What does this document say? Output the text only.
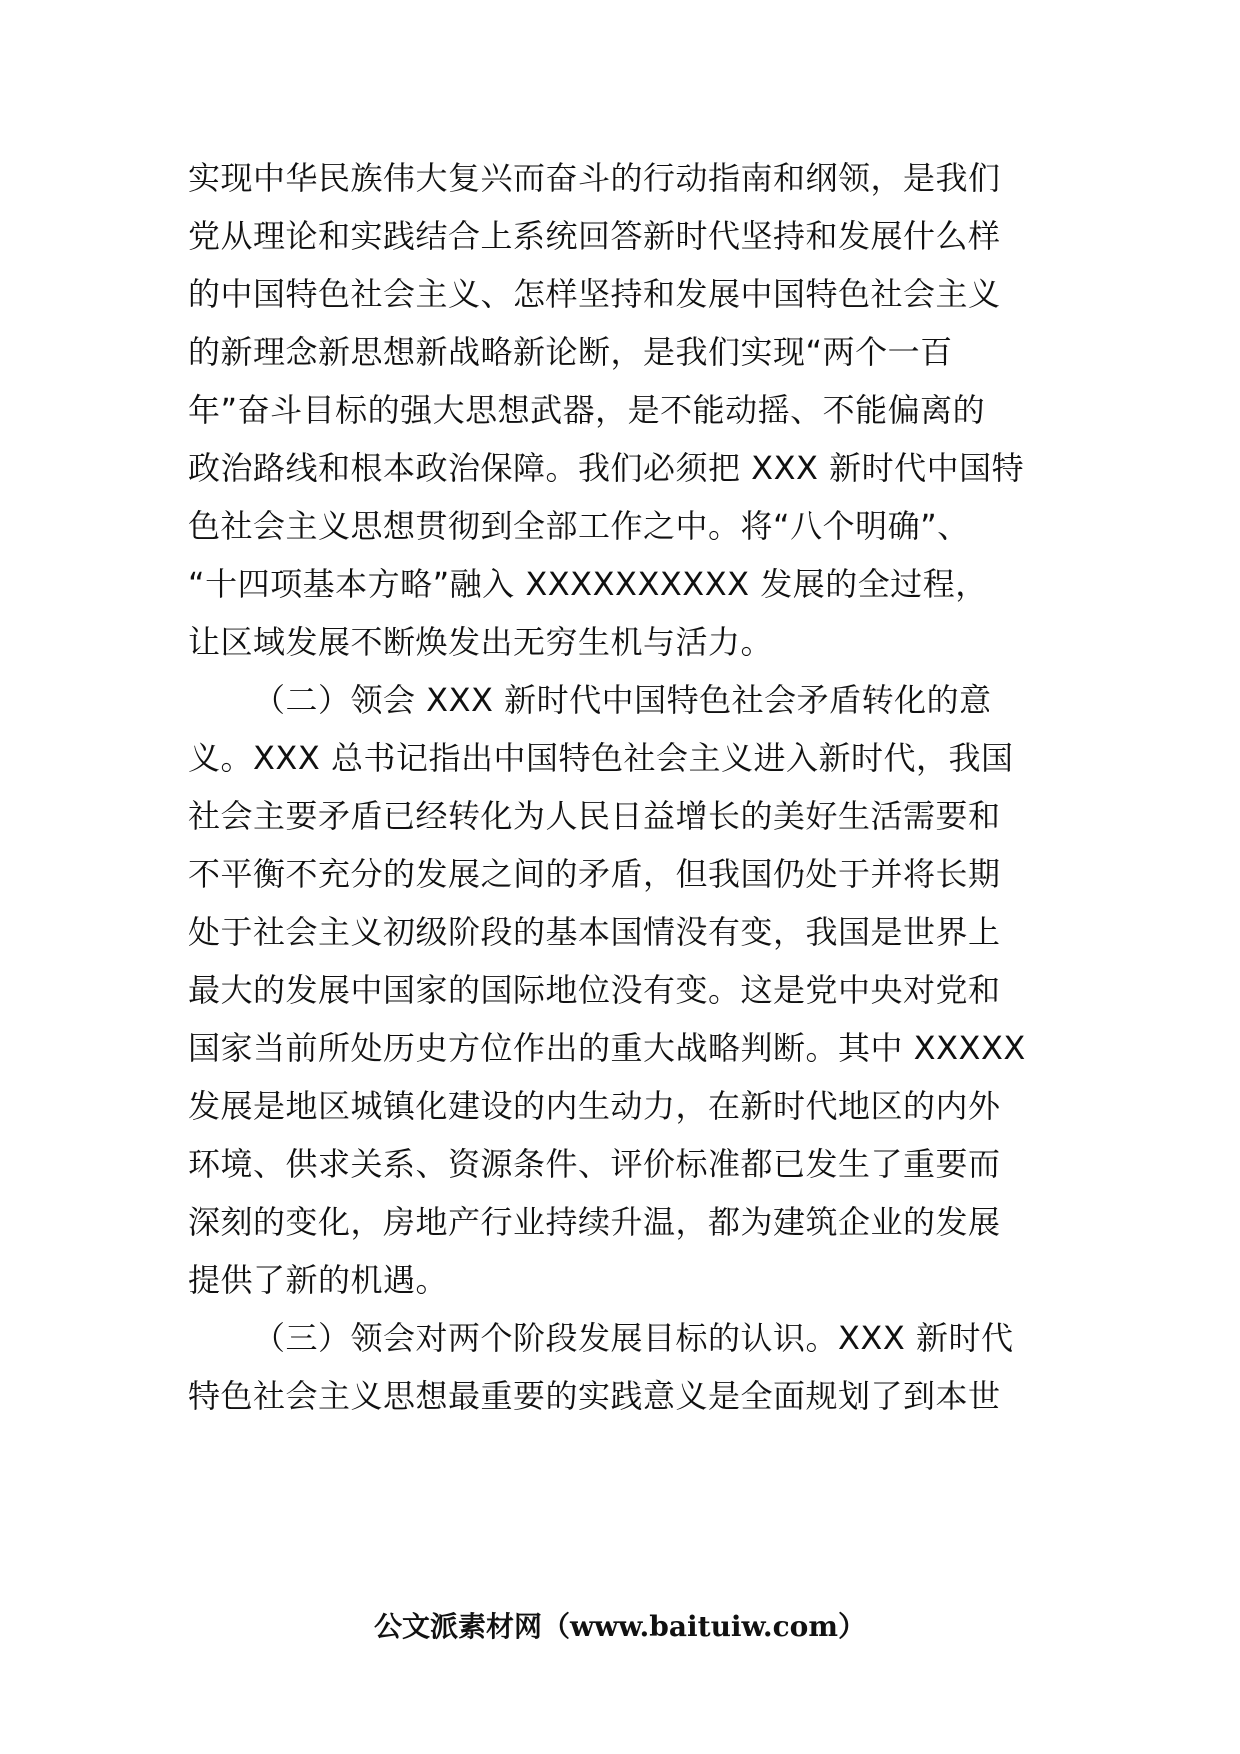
实现中华民族伟大复兴而奋斗的行动指南和纲领，是我们
党从理论和实践结合上系统回答新时代坚持和发展什么样
的中国特色社会主义、怎样坚持和发展中国特色社会主义
的新理念新思想新战略新论断，是我们实现“两个一百
年”奋斗目标的强大思想武器，是不能动摇、不能偏离的
政治路线和根本政治保障。我们必须把 XXX 新时代中国特
色社会主义思想贯彻到全部工作之中。将“八个明确”、
“十四项基本方略”融入 XXXXXXXXXX 发展的全过程，
让区域发展不断焕发出无穷生机与活力。
（二）领会 XXX 新时代中国特色社会矛盾转化的意
义。XXX 总书记指出中国特色社会主义进入新时代，我国
社会主要矛盾已经转化为人民日益增长的美好生活需要和
不平衡不充分的发展之间的矛盾，但我国仍处于并将长期
处于社会主义初级阶段的基本国情没有变，我国是世界上
最大的发展中国家的国际地位没有变。这是党中央对党和
国家当前所处历史方位作出的重大战略判断。其中 XXXXX
发展是地区城镇化建设的内生动力，在新时代地区的内外
环境、供求关系、资源条件、评价标准都已发生了重要而
深刻的变化，房地产行业持续升温，都为建筑企业的发展
提供了新的机遇。
（三）领会对两个阶段发展目标的认识。XXX 新时代
特色社会主义思想最重要的实践意义是全面规划了到本世
公文派素材网（www.baituiw.com）
